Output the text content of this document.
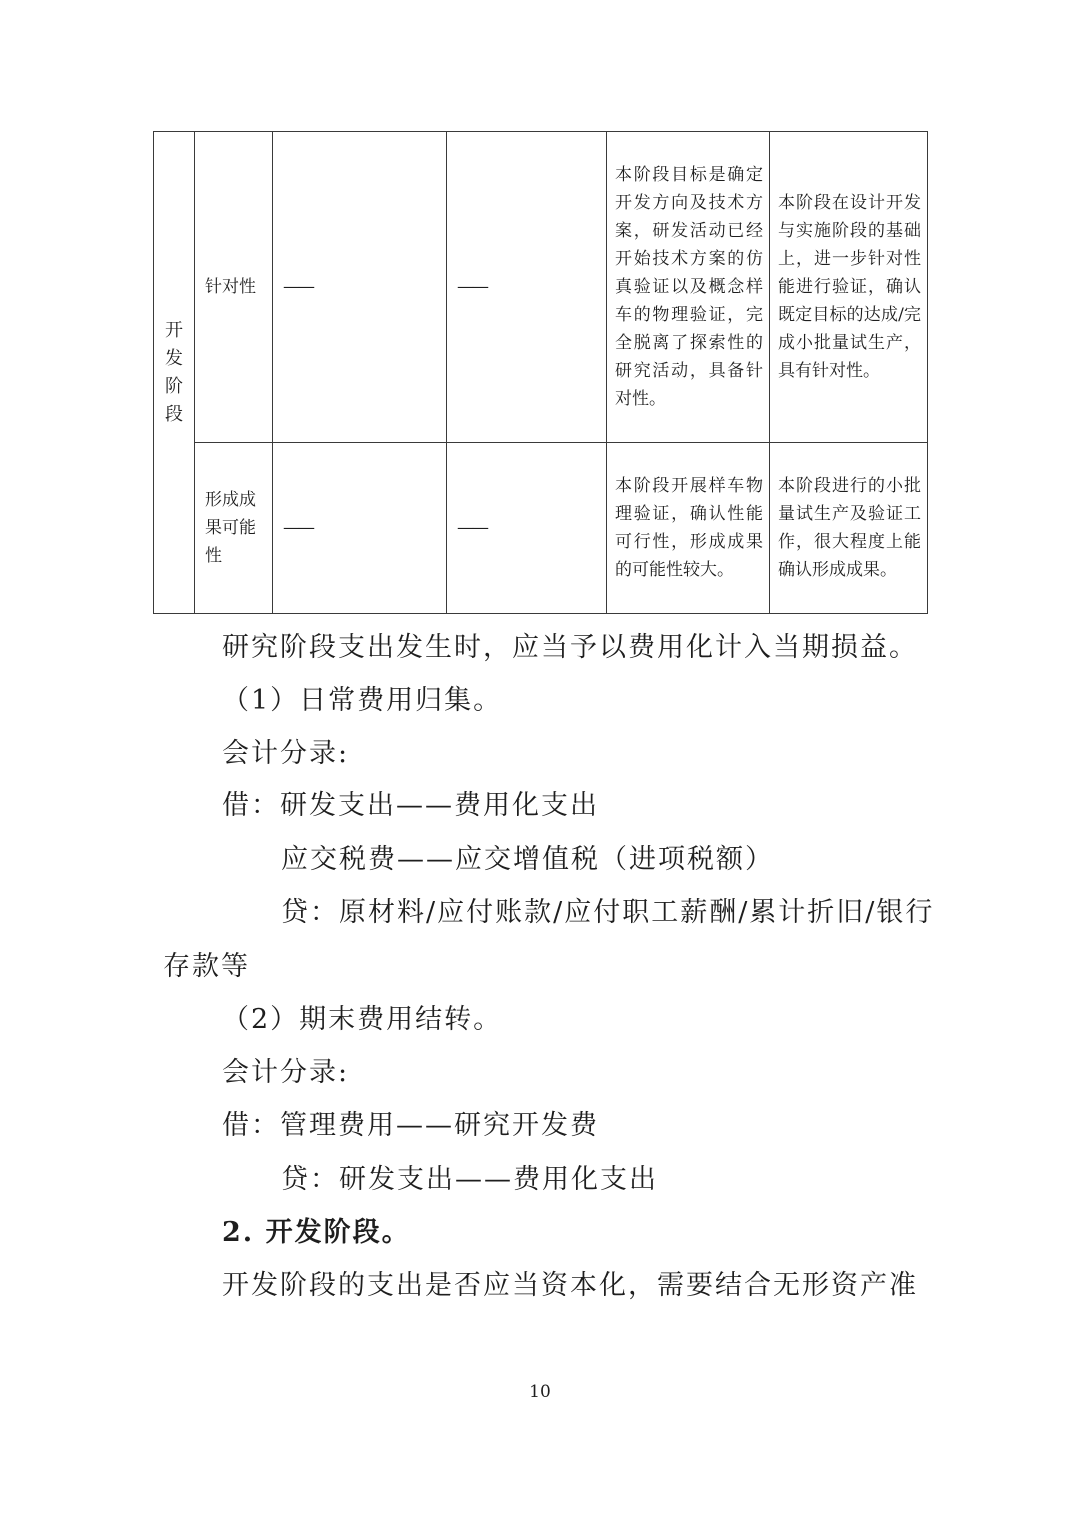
开发阶段	针对性	——	——	本阶段目标是确定开发方向及技术方案，研发活动已经开始技术方案的仿真验证以及概念样车的物理验证，完全脱离了探索性的研究活动，具备针对性。	本阶段在设计开发与实施阶段的基础上，进一步针对性能进行验证，确认既定目标的达成/完成小批量试生产，具有针对性。

	形成成果可能性	——	——	本阶段开展样车物理验证，确认性能可行性，形成成果的可能性较大。	本阶段进行的小批量试生产及验证工作，很大程度上能确认形成成果。

研究阶段支出发生时，应当予以费用化计入当期损益。

（1）日常费用归集。

会计分录:

借：研发支出——费用化支出

应交税费——应交增值税（进项税额）

贷：原材料/应付账款/应付职工薪酬/累计折旧/银行

存款等

（2）期末费用结转。

会计分录:

借：管理费用——研究开发费

贷：研发支出——费用化支出

2. 开发阶段。

开发阶段的支出是否应当资本化，需要结合无形资产准

10
